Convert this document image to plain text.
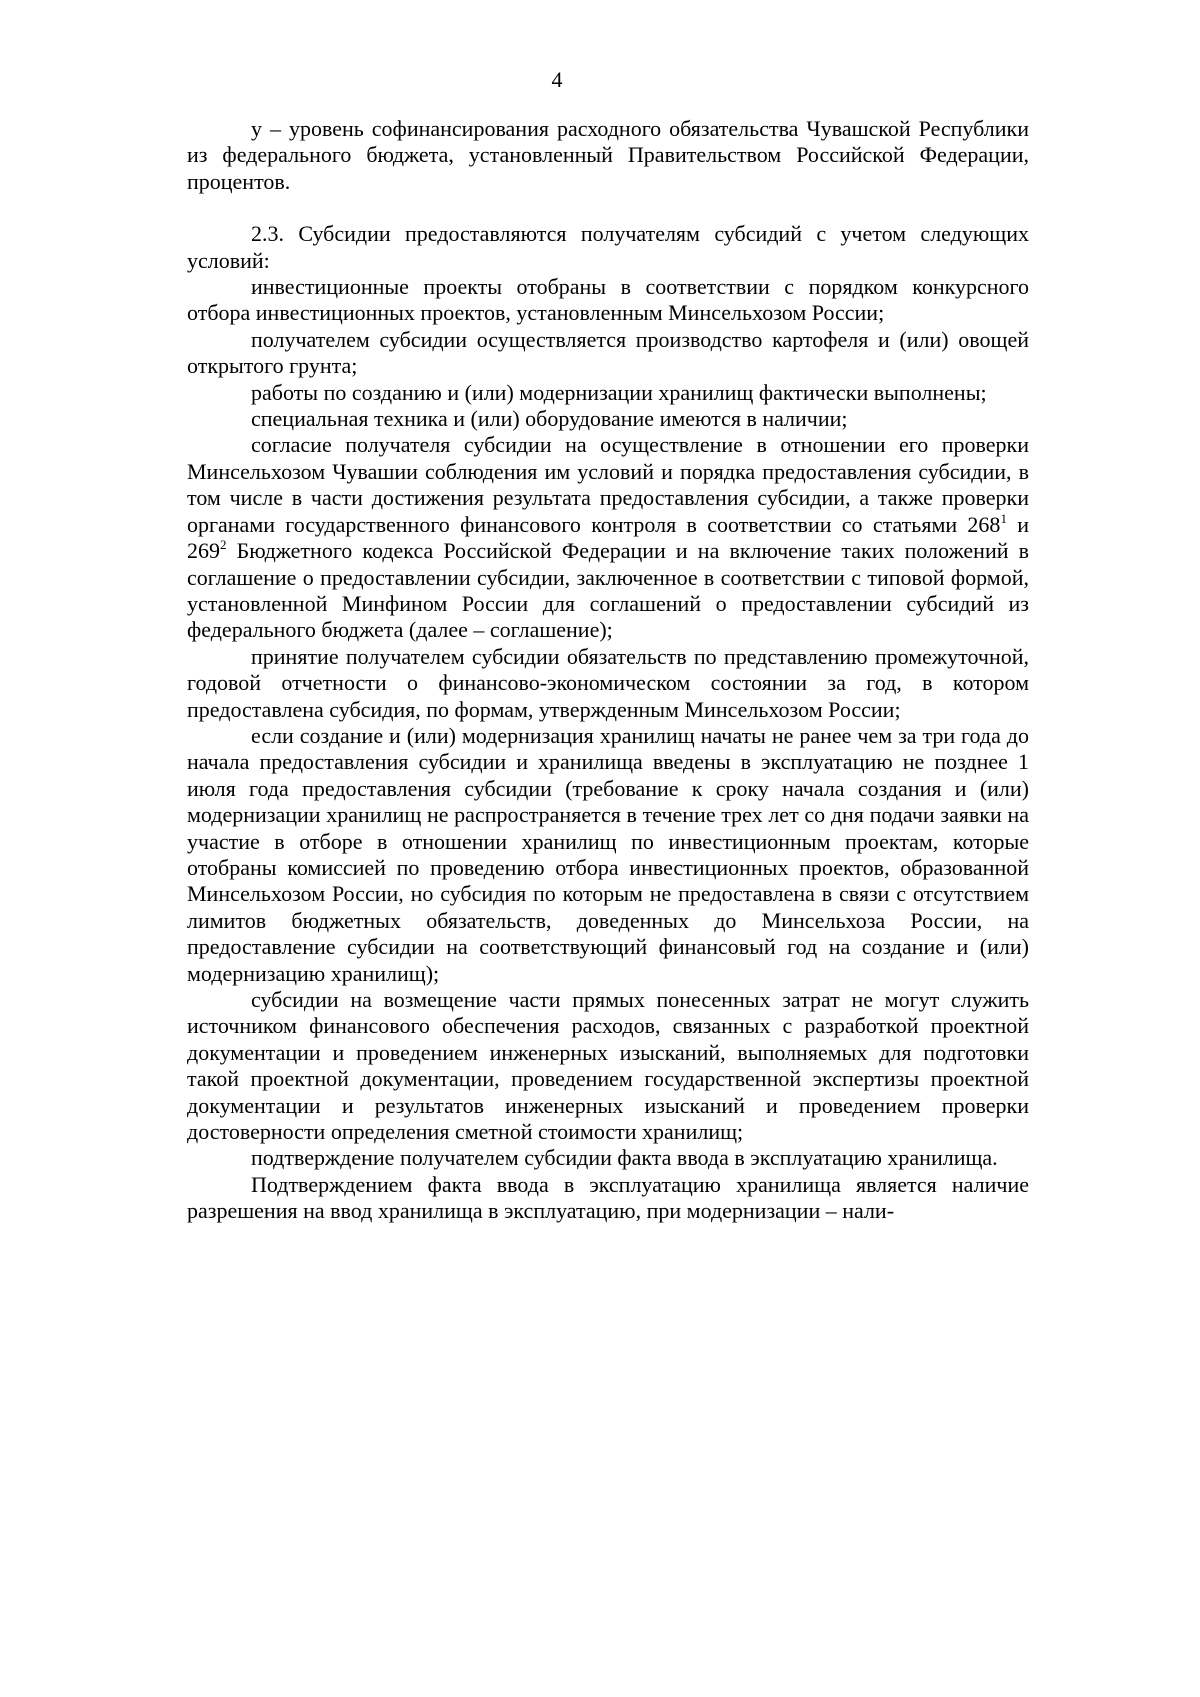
4

y – уровень софинансирования расходного обязательства Чувашской Республики из федерального бюджета, установленный Правительством Российской Федерации, процентов.

2.3. Субсидии предоставляются получателям субсидий с учетом следующих условий:

инвестиционные проекты отобраны в соответствии с порядком конкурсного отбора инвестиционных проектов, установленным Минсельхозом России;

получателем субсидии осуществляется производство картофеля и (или) овощей открытого грунта;

работы по созданию и (или) модернизации хранилищ фактически выполнены;

специальная техника и (или) оборудование имеются в наличии;

согласие получателя субсидии на осуществление в отношении его проверки Минсельхозом Чувашии соблюдения им условий и порядка предоставления субсидии, в том числе в части достижения результата предоставления субсидии, а также проверки органами государственного финансового контроля в соответствии со статьями $268^1$ и $269^2$ Бюджетного кодекса Российской Федерации и на включение таких положений в соглашение о предоставлении субсидии, заключенное в соответствии с типовой формой, установленной Минфином России для соглашений о предоставлении субсидий из федерального бюджета (далее – соглашение);

принятие получателем субсидии обязательств по представлению промежуточной, годовой отчетности о финансово-экономическом состоянии за год, в котором предоставлена субсидия, по формам, утвержденным Минсельхозом России;

если создание и (или) модернизация хранилищ начаты не ранее чем за три года до начала предоставления субсидии и хранилища введены в эксплуатацию не позднее 1 июля года предоставления субсидии (требование к сроку начала создания и (или) модернизации хранилищ не распространяется в течение трех лет со дня подачи заявки на участие в отборе в отношении хранилищ по инвестиционным проектам, которые отобраны комиссией по проведению отбора инвестиционных проектов, образованной Минсельхозом России, но субсидия по которым не предоставлена в связи с отсутствием лимитов бюджетных обязательств, доведенных до Минсельхоза России, на предоставление субсидии на соответствующий финансовый год на создание и (или) модернизацию хранилищ);

субсидии на возмещение части прямых понесенных затрат не могут служить источником финансового обеспечения расходов, связанных с разработкой проектной документации и проведением инженерных изысканий, выполняемых для подготовки такой проектной документации, проведением государственной экспертизы проектной документации и результатов инженерных изысканий и проведением проверки достоверности определения сметной стоимости хранилищ;

подтверждение получателем субсидии факта ввода в эксплуатацию хранилища.

Подтверждением факта ввода в эксплуатацию хранилища является наличие разрешения на ввод хранилища в эксплуатацию, при модернизации – нали-
